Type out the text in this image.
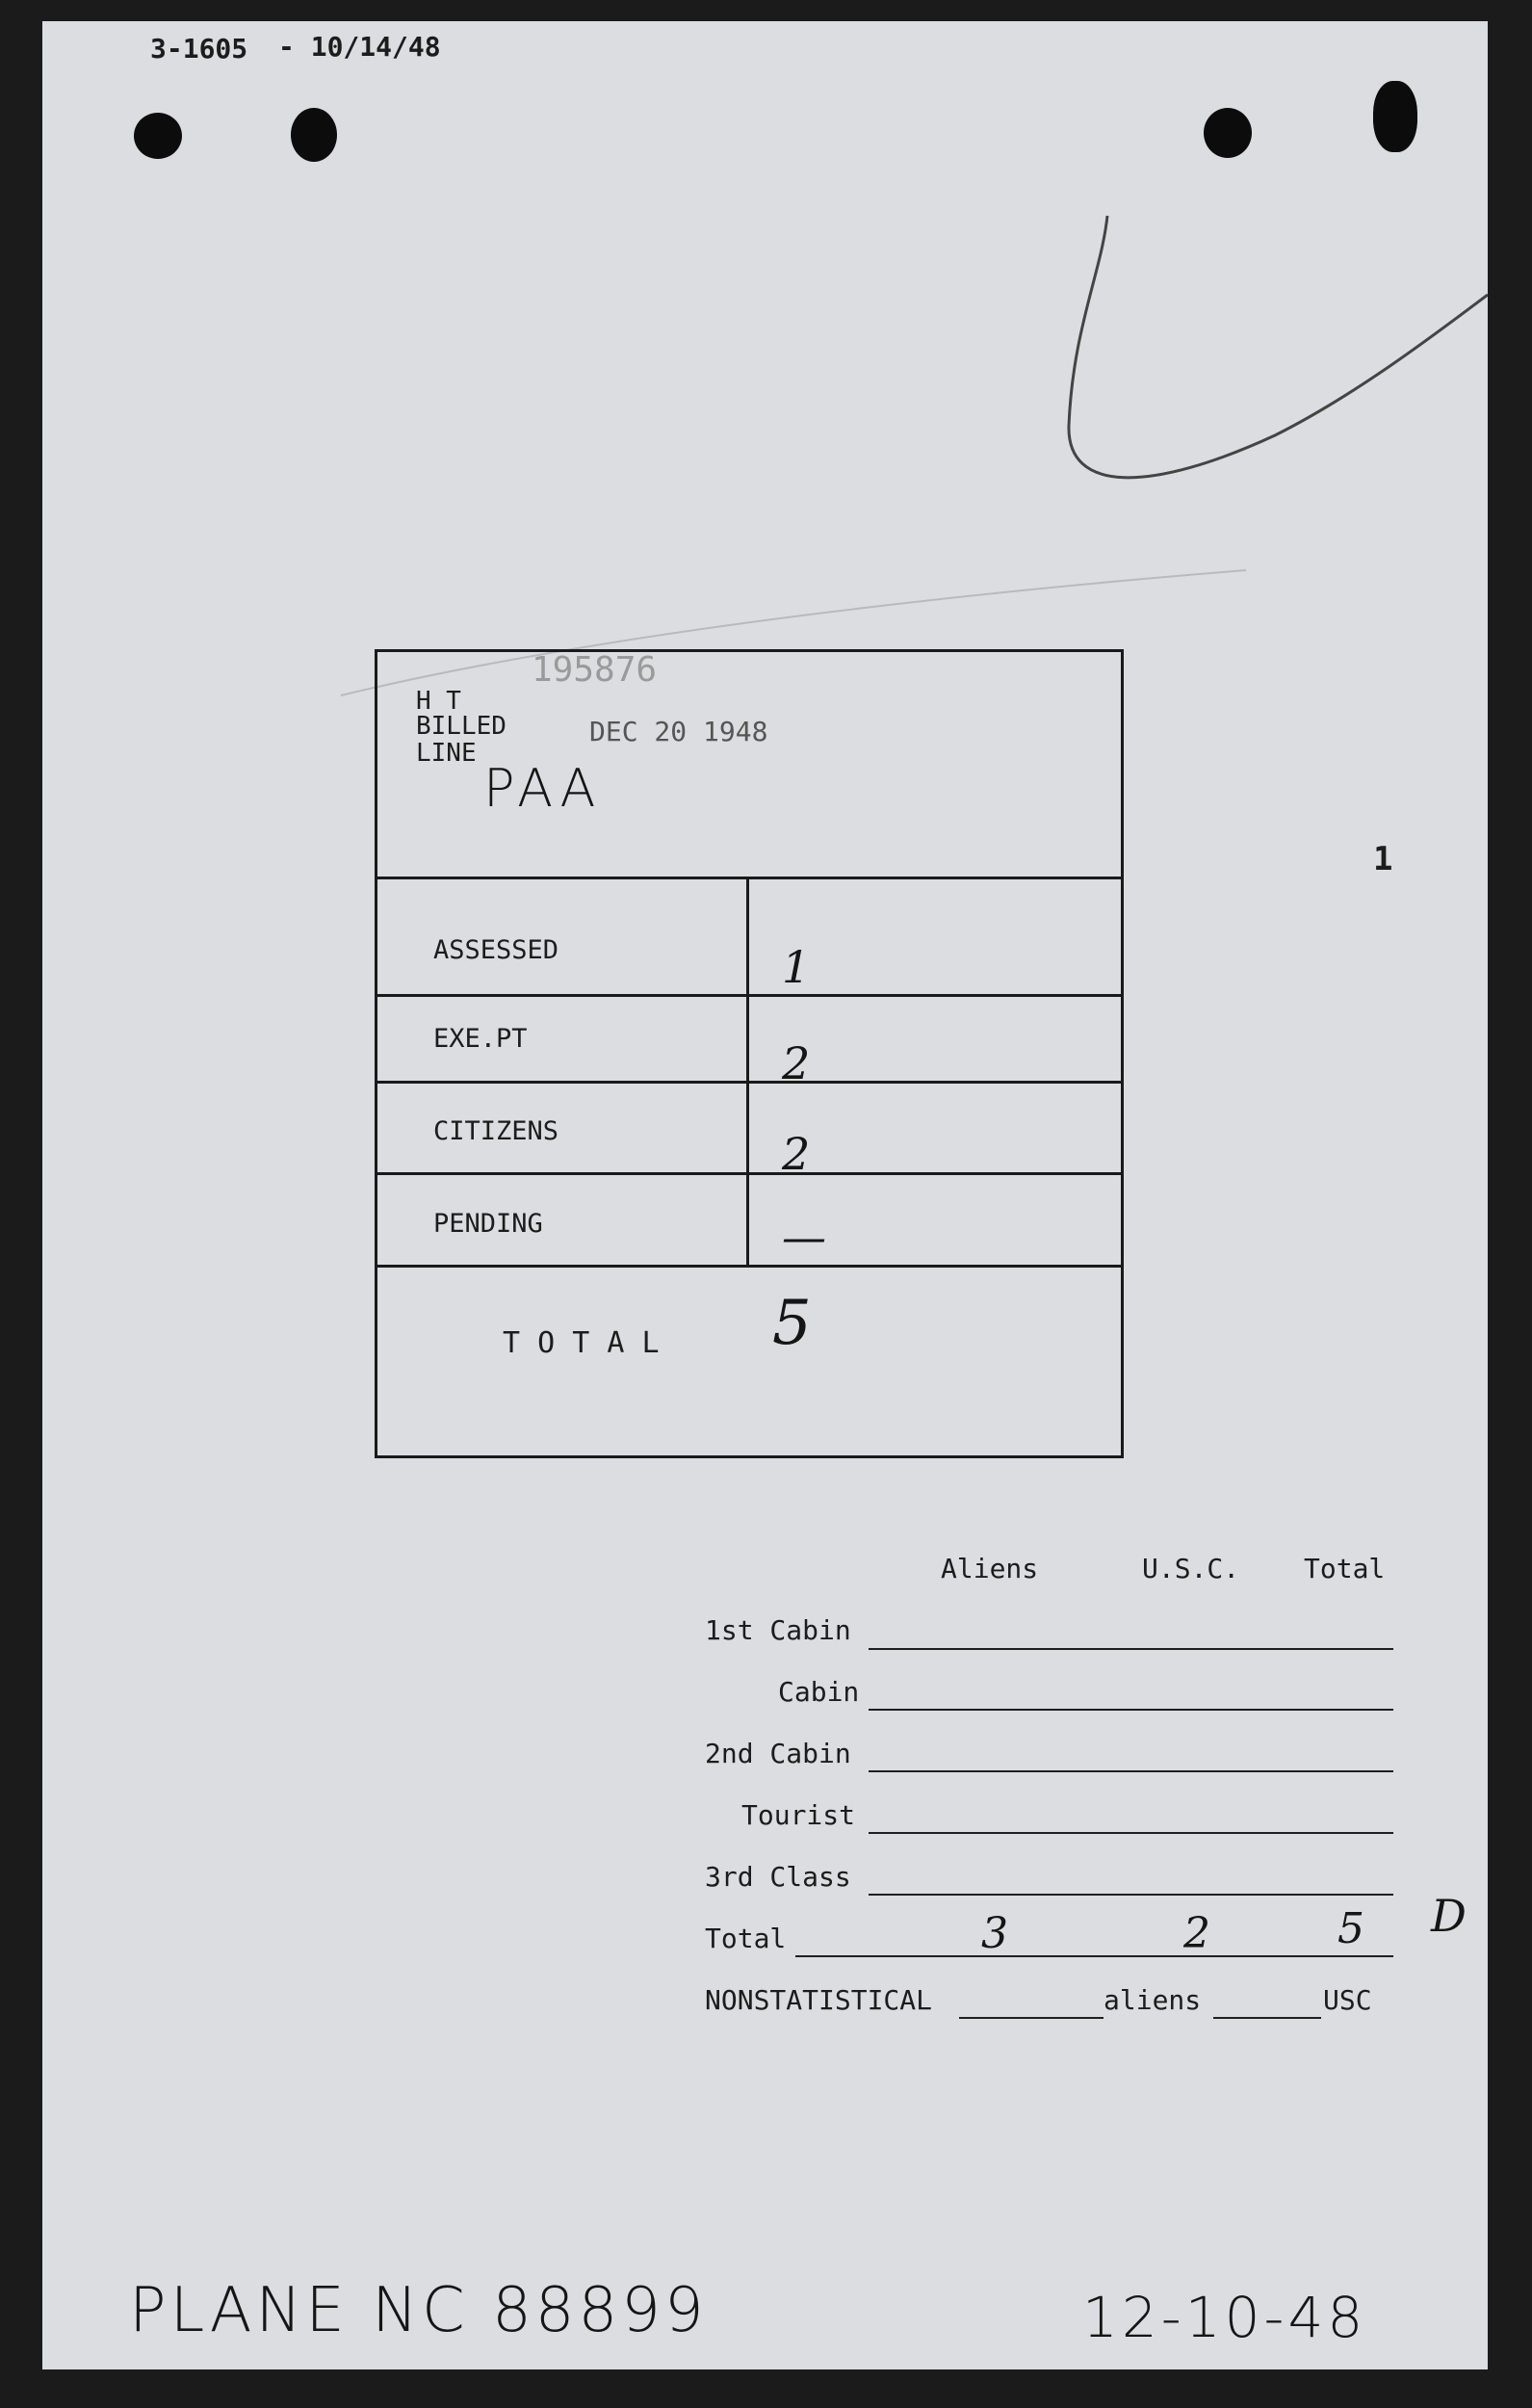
3-1605 - 10/14/48
195876
H T
BILLED
LINE
DEC 20 1948
PAA
ASSESSED	1
EXE.PT	2
CITIZENS	2
PENDING	—
T O T A L 5
1
Aliens	U.S.C. Total
1st Cabin
Cabin
2nd Cabin
Tourist
3rd Class
Total	3	2	5 D
NONSTATISTICAL	aliens	USC
PLANE NC 88899	12-10-48
